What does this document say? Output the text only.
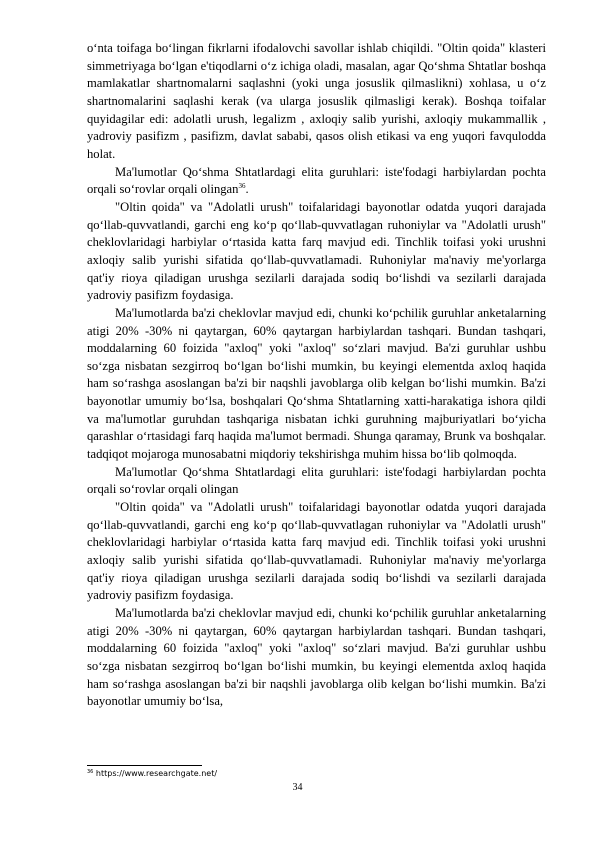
oʻnta toifaga boʻlingan fikrlarni ifodalovchi savollar ishlab chiqildi. "Oltin qoida" klasteri simmetriyaga boʻlgan e'tiqodlarni oʻz ichiga oladi, masalan, agar Qoʻshma Shtatlar boshqa mamlakatlar shartnomalarni saqlashni (yoki unga josuslik qilmaslikni) xohlasa, u oʻz shartnomalarini saqlashi kerak (va ularga josuslik qilmasligi kerak). Boshqa toifalar quyidagilar edi: adolatli urush, legalizm , axloqiy salib yurishi, axloqiy mukammallik , yadroviy pasifizm , pasifizm, davlat sababi, qasos olish etikasi va eng yuqori favqulodda holat.

Ma'lumotlar Qoʻshma Shtatlardagi elita guruhlari: iste'fodagi harbiylardan pochta orqali soʻrovlar orqali olingan$^{36}$.

"Oltin qoida" va "Adolatli urush" toifalaridagi bayonotlar odatda yuqori darajada qoʻllab-quvvatlandi, garchi eng koʻp qoʻllab-quvvatlagan ruhoniylar va "Adolatli urush" cheklovlaridagi harbiylar oʻrtasida katta farq mavjud edi. Tinchlik toifasi yoki urushni axloqiy salib yurishi sifatida qoʻllab-quvvatlamadi. Ruhoniylar ma'naviy me'yorlarga qat'iy rioya qiladigan urushga sezilarli darajada sodiq boʻlishdi va sezilarli darajada yadroviy pasifizm foydasiga.

Ma'lumotlarda ba'zi cheklovlar mavjud edi, chunki koʻpchilik guruhlar anketalarning atigi 20% -30% ni qaytargan, 60% qaytargan harbiylardan tashqari. Bundan tashqari, moddalarning 60 foizida "axloq" yoki "axloq" soʻzlari mavjud. Ba'zi guruhlar ushbu soʻzga nisbatan sezgirroq boʻlgan boʻlishi mumkin, bu keyingi elementda axloq haqida ham soʻrashga asoslangan ba'zi bir naqshli javoblarga olib kelgan boʻlishi mumkin. Ba'zi bayonotlar umumiy boʻlsa, boshqalari Qoʻshma Shtatlarning xatti-harakatiga ishora qildi va ma'lumotlar guruhdan tashqariga nisbatan ichki guruhning majburiyatlari boʻyicha qarashlar oʻrtasidagi farq haqida ma'lumot bermadi. Shunga qaramay, Brunk va boshqalar. tadqiqot mojaroga munosabatni miqdoriy tekshirishga muhim hissa boʻlib qolmoqda.

Ma'lumotlar Qoʻshma Shtatlardagi elita guruhlari: iste'fodagi harbiylardan pochta orqali soʻrovlar orqali olingan

"Oltin qoida" va "Adolatli urush" toifalaridagi bayonotlar odatda yuqori darajada qoʻllab-quvvatlandi, garchi eng koʻp qoʻllab-quvvatlagan ruhoniylar va "Adolatli urush" cheklovlaridagi harbiylar oʻrtasida katta farq mavjud edi. Tinchlik toifasi yoki urushni axloqiy salib yurishi sifatida qoʻllab-quvvatlamadi. Ruhoniylar ma'naviy me'yorlarga qat'iy rioya qiladigan urushga sezilarli darajada sodiq boʻlishdi va sezilarli darajada yadroviy pasifizm foydasiga.

Ma'lumotlarda ba'zi cheklovlar mavjud edi, chunki koʻpchilik guruhlar anketalarning atigi 20% -30% ni qaytargan, 60% qaytargan harbiylardan tashqari. Bundan tashqari, moddalarning 60 foizida "axloq" yoki "axloq" soʻzlari mavjud. Ba'zi guruhlar ushbu soʻzga nisbatan sezgirroq boʻlgan boʻlishi mumkin, bu keyingi elementda axloq haqida ham soʻrashga asoslangan ba'zi bir naqshli javoblarga olib kelgan boʻlishi mumkin. Ba'zi bayonotlar umumiy boʻlsa,

$^{36}$ https://www.researchgate.net/
34
